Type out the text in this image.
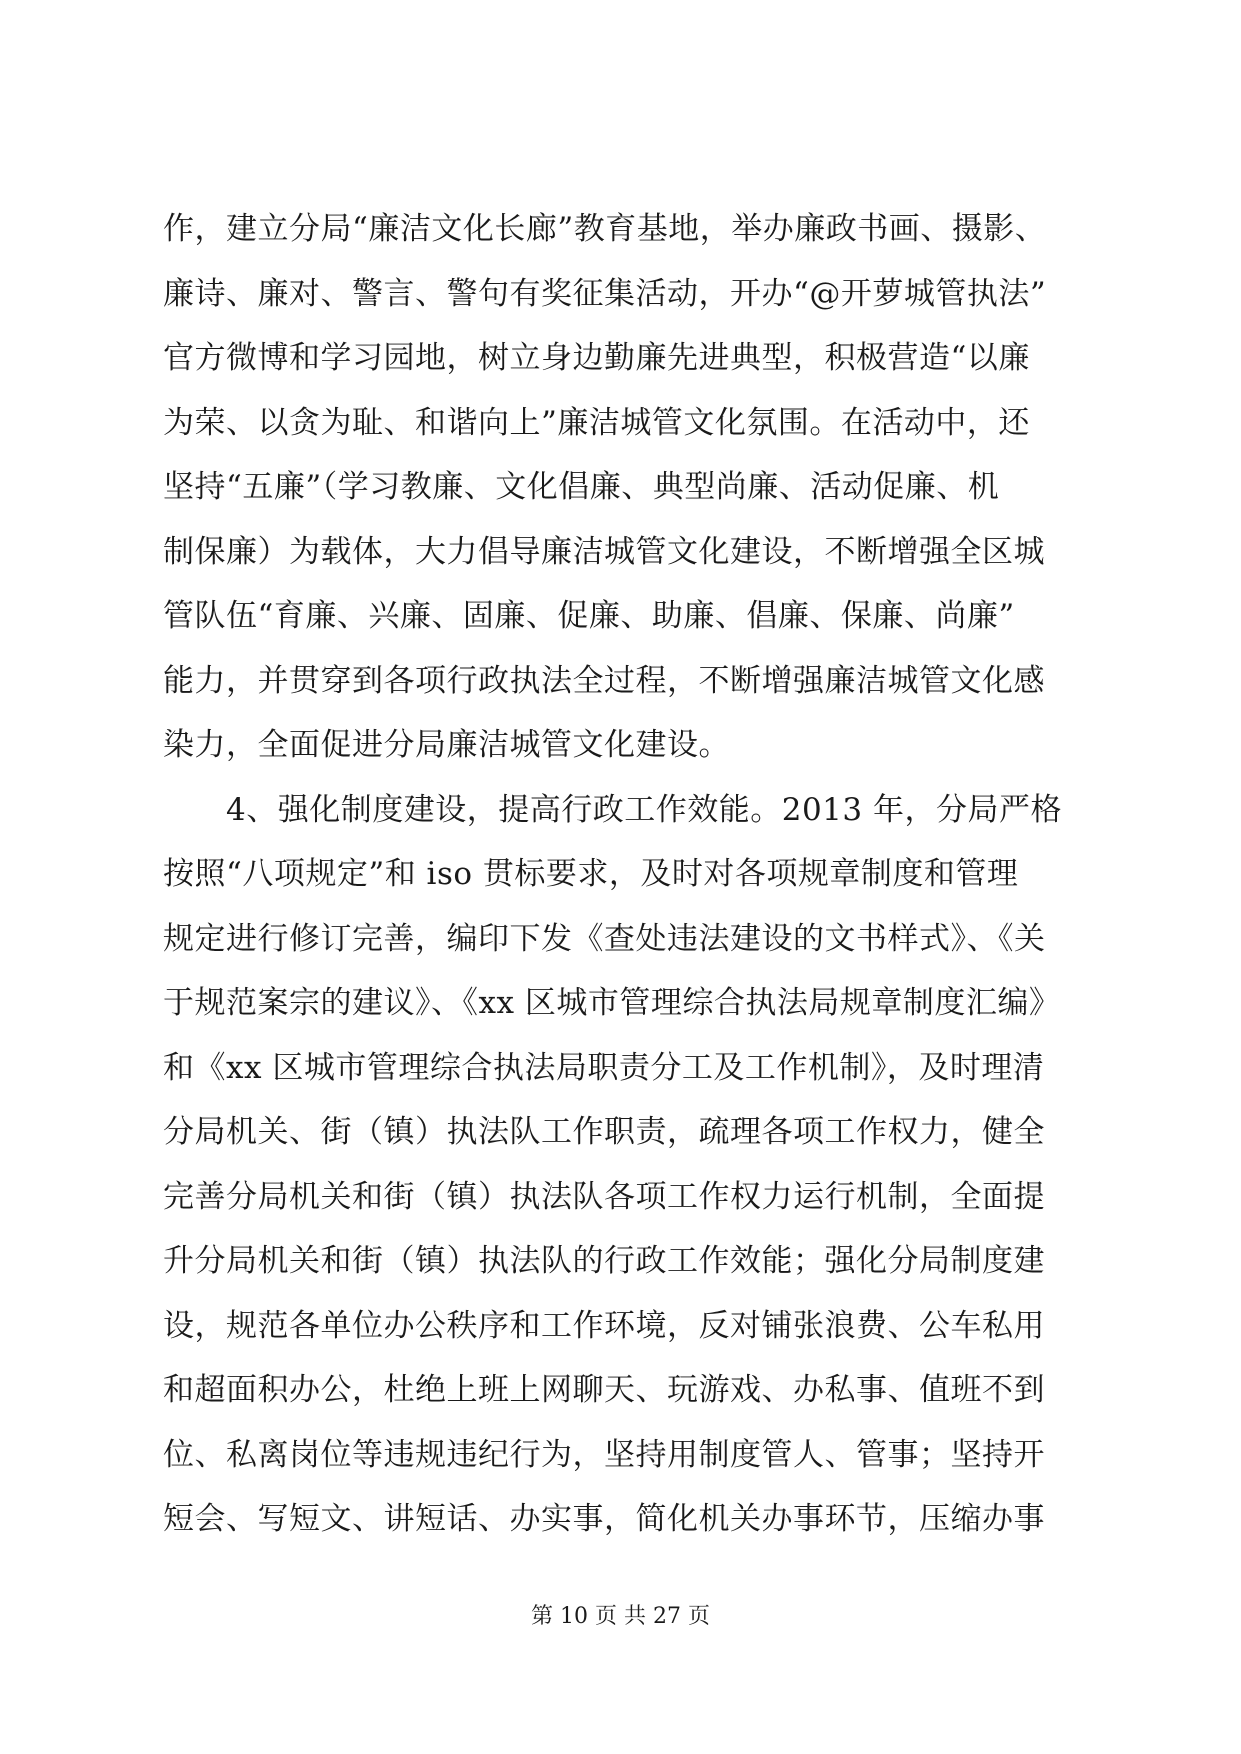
作，建立分局“廉洁文化长廊”教育基地，举办廉政书画、摄影、
廉诗、廉对、警言、警句有奖征集活动，开办“@开萝城管执法”
官方微博和学习园地，树立身边勤廉先进典型，积极营造“以廉
为荣、以贪为耻、和谐向上”廉洁城管文化氛围。在活动中，还
坚持“五廉”（学习教廉、文化倡廉、典型尚廉、活动促廉、机
制保廉）为载体，大力倡导廉洁城管文化建设，不断增强全区城
管队伍“育廉、兴廉、固廉、促廉、助廉、倡廉、保廉、尚廉”
能力，并贯穿到各项行政执法全过程，不断增强廉洁城管文化感
染力，全面促进分局廉洁城管文化建设。
　　4、强化制度建设，提高行政工作效能。2013 年，分局严格
按照“八项规定”和 iso 贯标要求，及时对各项规章制度和管理
规定进行修订完善，编印下发《查处违法建设的文书样式》、《关
于规范案宗的建议》、《xx 区城市管理综合执法局规章制度汇编》
和《xx 区城市管理综合执法局职责分工及工作机制》，及时理清
分局机关、街（镇）执法队工作职责，疏理各项工作权力，健全
完善分局机关和街（镇）执法队各项工作权力运行机制，全面提
升分局机关和街（镇）执法队的行政工作效能；强化分局制度建
设，规范各单位办公秩序和工作环境，反对铺张浪费、公车私用
和超面积办公，杜绝上班上网聊天、玩游戏、办私事、值班不到
位、私离岗位等违规违纪行为，坚持用制度管人、管事；坚持开
短会、写短文、讲短话、办实事，简化机关办事环节，压缩办事
第 10 页 共 27 页
